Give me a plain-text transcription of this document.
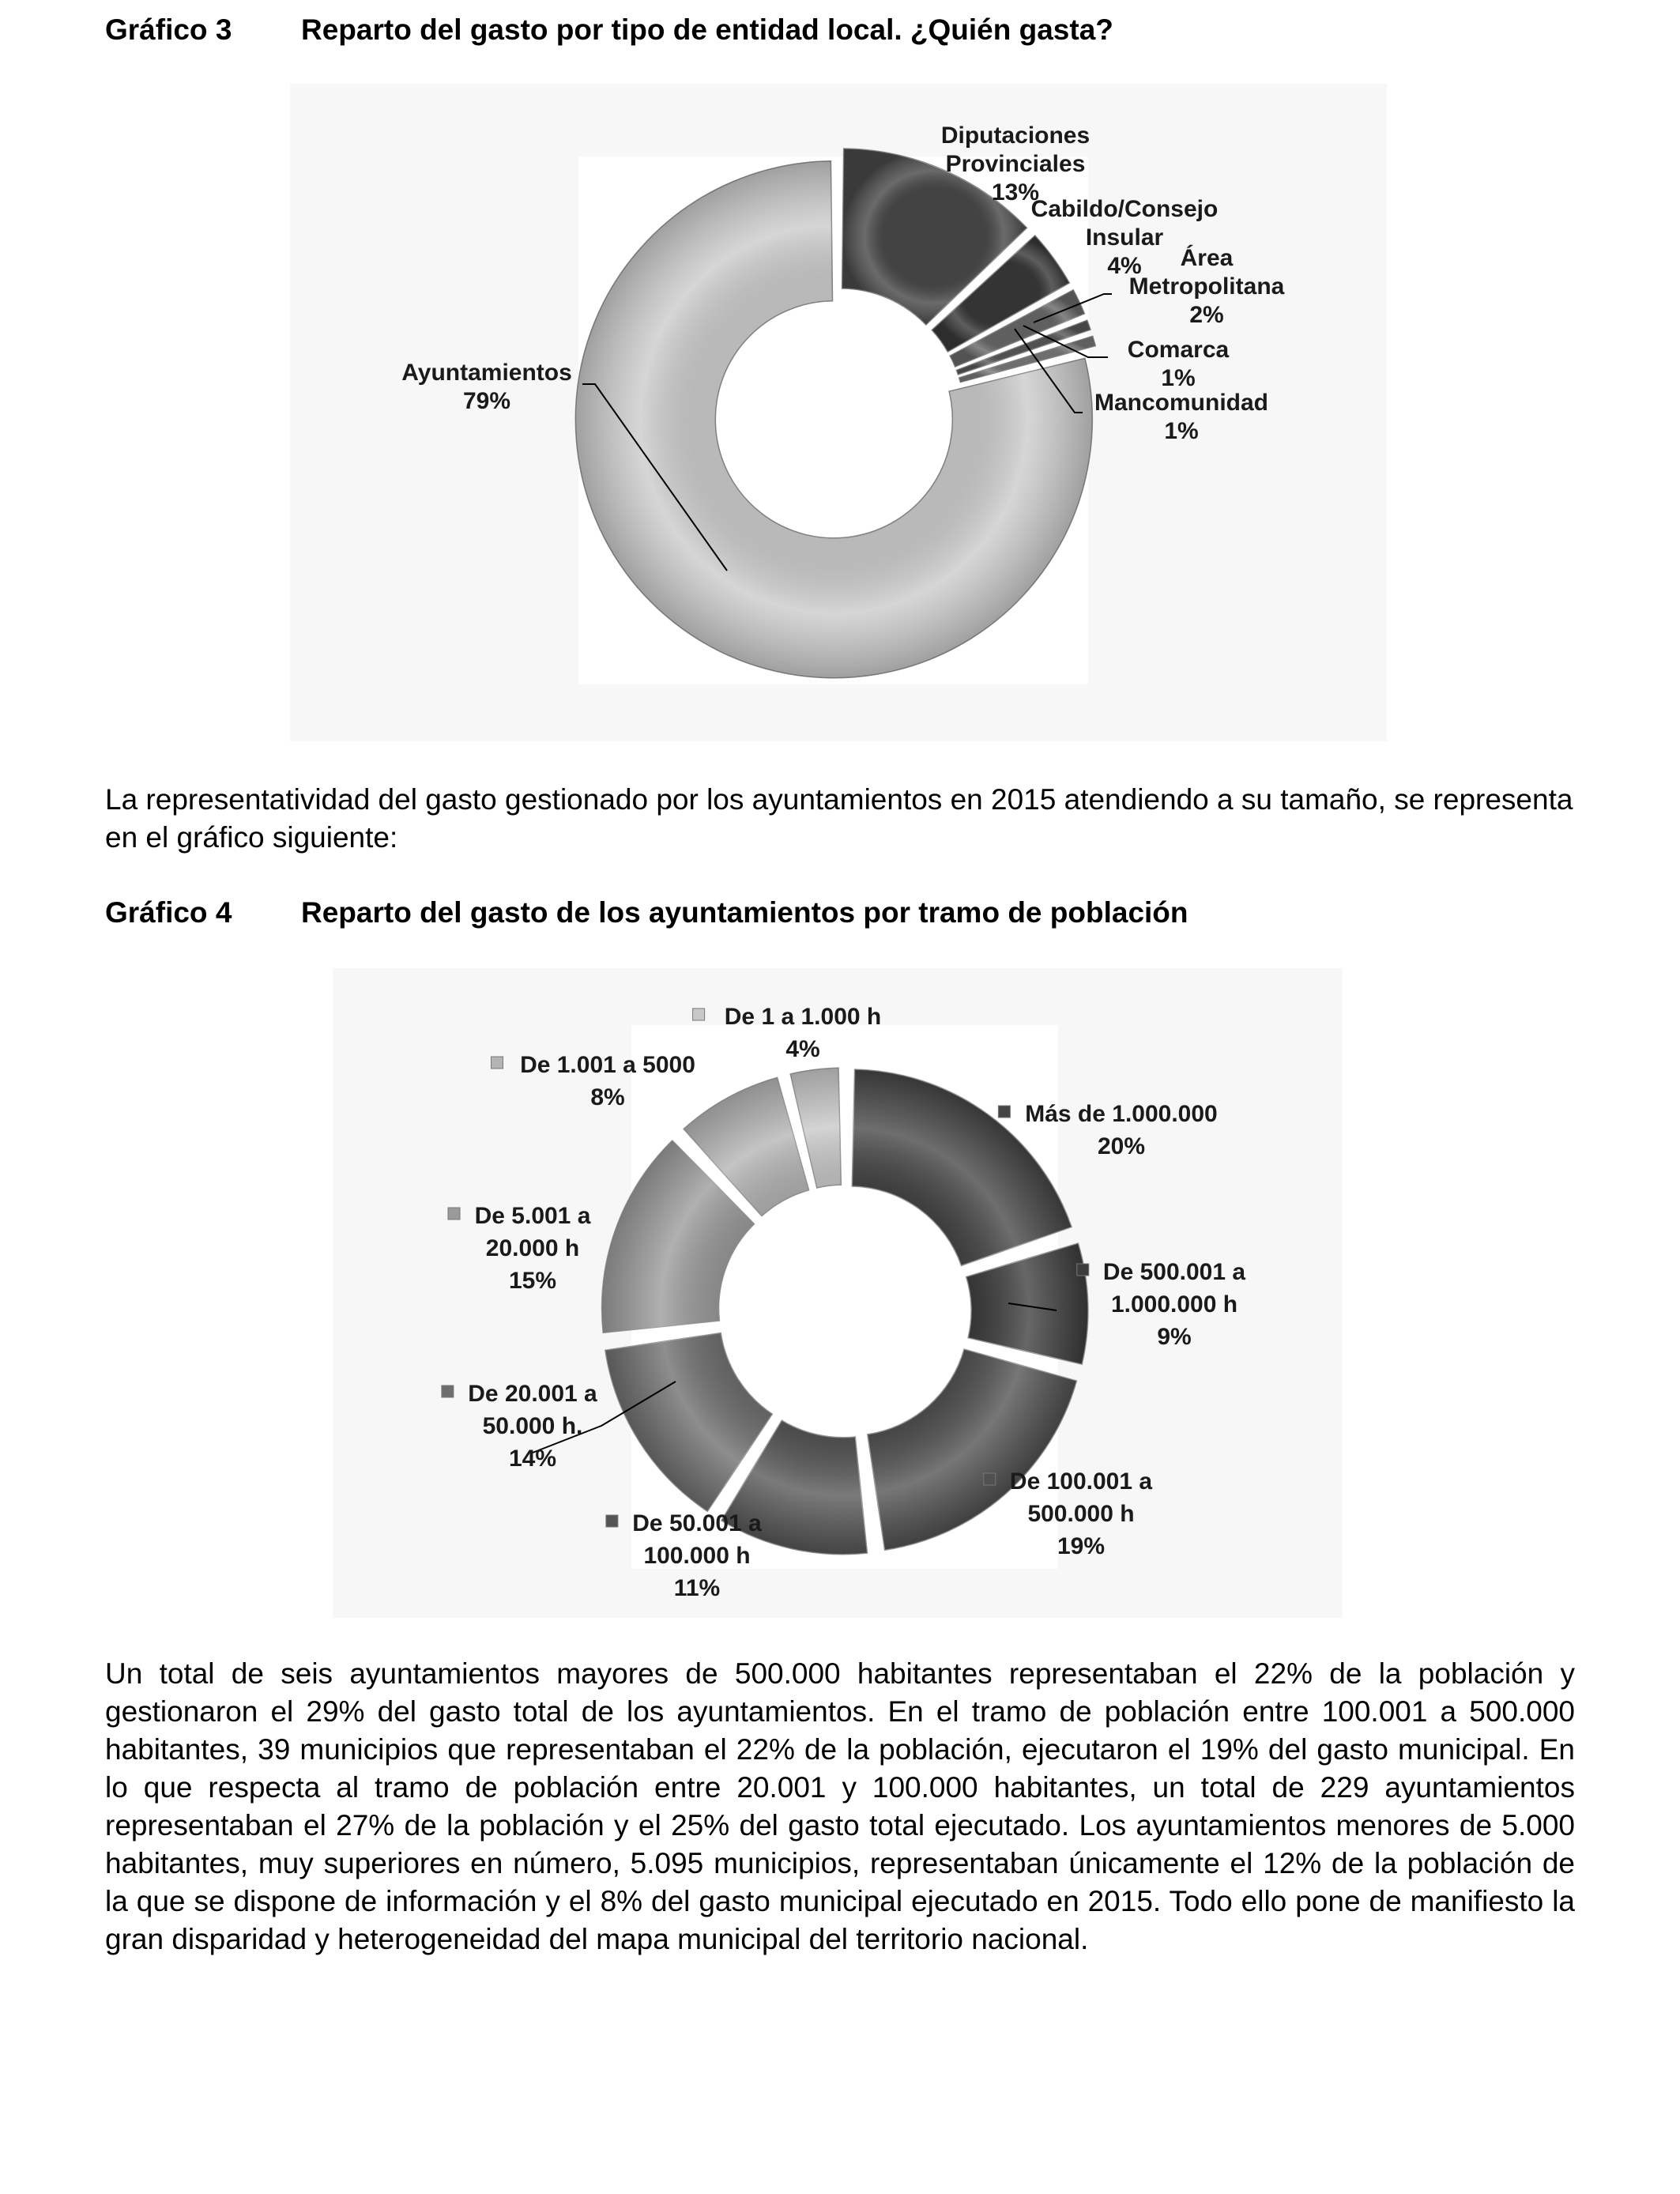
Gráfico 3 Reparto del gasto por tipo de entidad local. ¿Quién gasta?
Diputaciones Provinciales 13%
Cabildo/Consejo Insular 4%	Área Metropolitana 2%
Comarca 1%
Mancomunidad 1%
Ayuntamientos 79%
La representatividad del gasto gestionado por los ayuntamientos en 2015 atendiendo a su tamaño, se representa en el gráfico siguiente:
Gráfico 4 Reparto del gasto de los ayuntamientos por tramo de población
Más de 1.000.000 20%
De 500.001 a 1.000.000 h 9%
De 100.001 a 500.000 h 19%
De 50.001 a 100.000 h 11%
De 20.001 a 50.000 h. 14%
De 5.001 a 20.000 h 15%
De 1.001 a 5000 8%
De 1 a 1.000 h 4%
Un total de seis ayuntamientos mayores de 500.000 habitantes representaban el 22% de la población y gestionaron el 29% del gasto total de los ayuntamientos. En el tramo de población entre 100.001 a 500.000 habitantes, 39 municipios que representaban el 22% de la población, ejecutaron el 19% del gasto municipal. En lo que respecta al tramo de población entre 20.001 y 100.000 habitantes, un total de 229 ayuntamientos representaban el 27% de la población y el 25% del gasto total ejecutado. Los ayuntamientos menores de 5.000 habitantes, muy superiores en número, 5.095 municipios, representaban únicamente el 12% de la población de la que se dispone de información y el 8% del gasto municipal ejecutado en 2015. Todo ello pone de manifiesto la gran disparidad y heterogeneidad del mapa municipal del territorio nacional.
